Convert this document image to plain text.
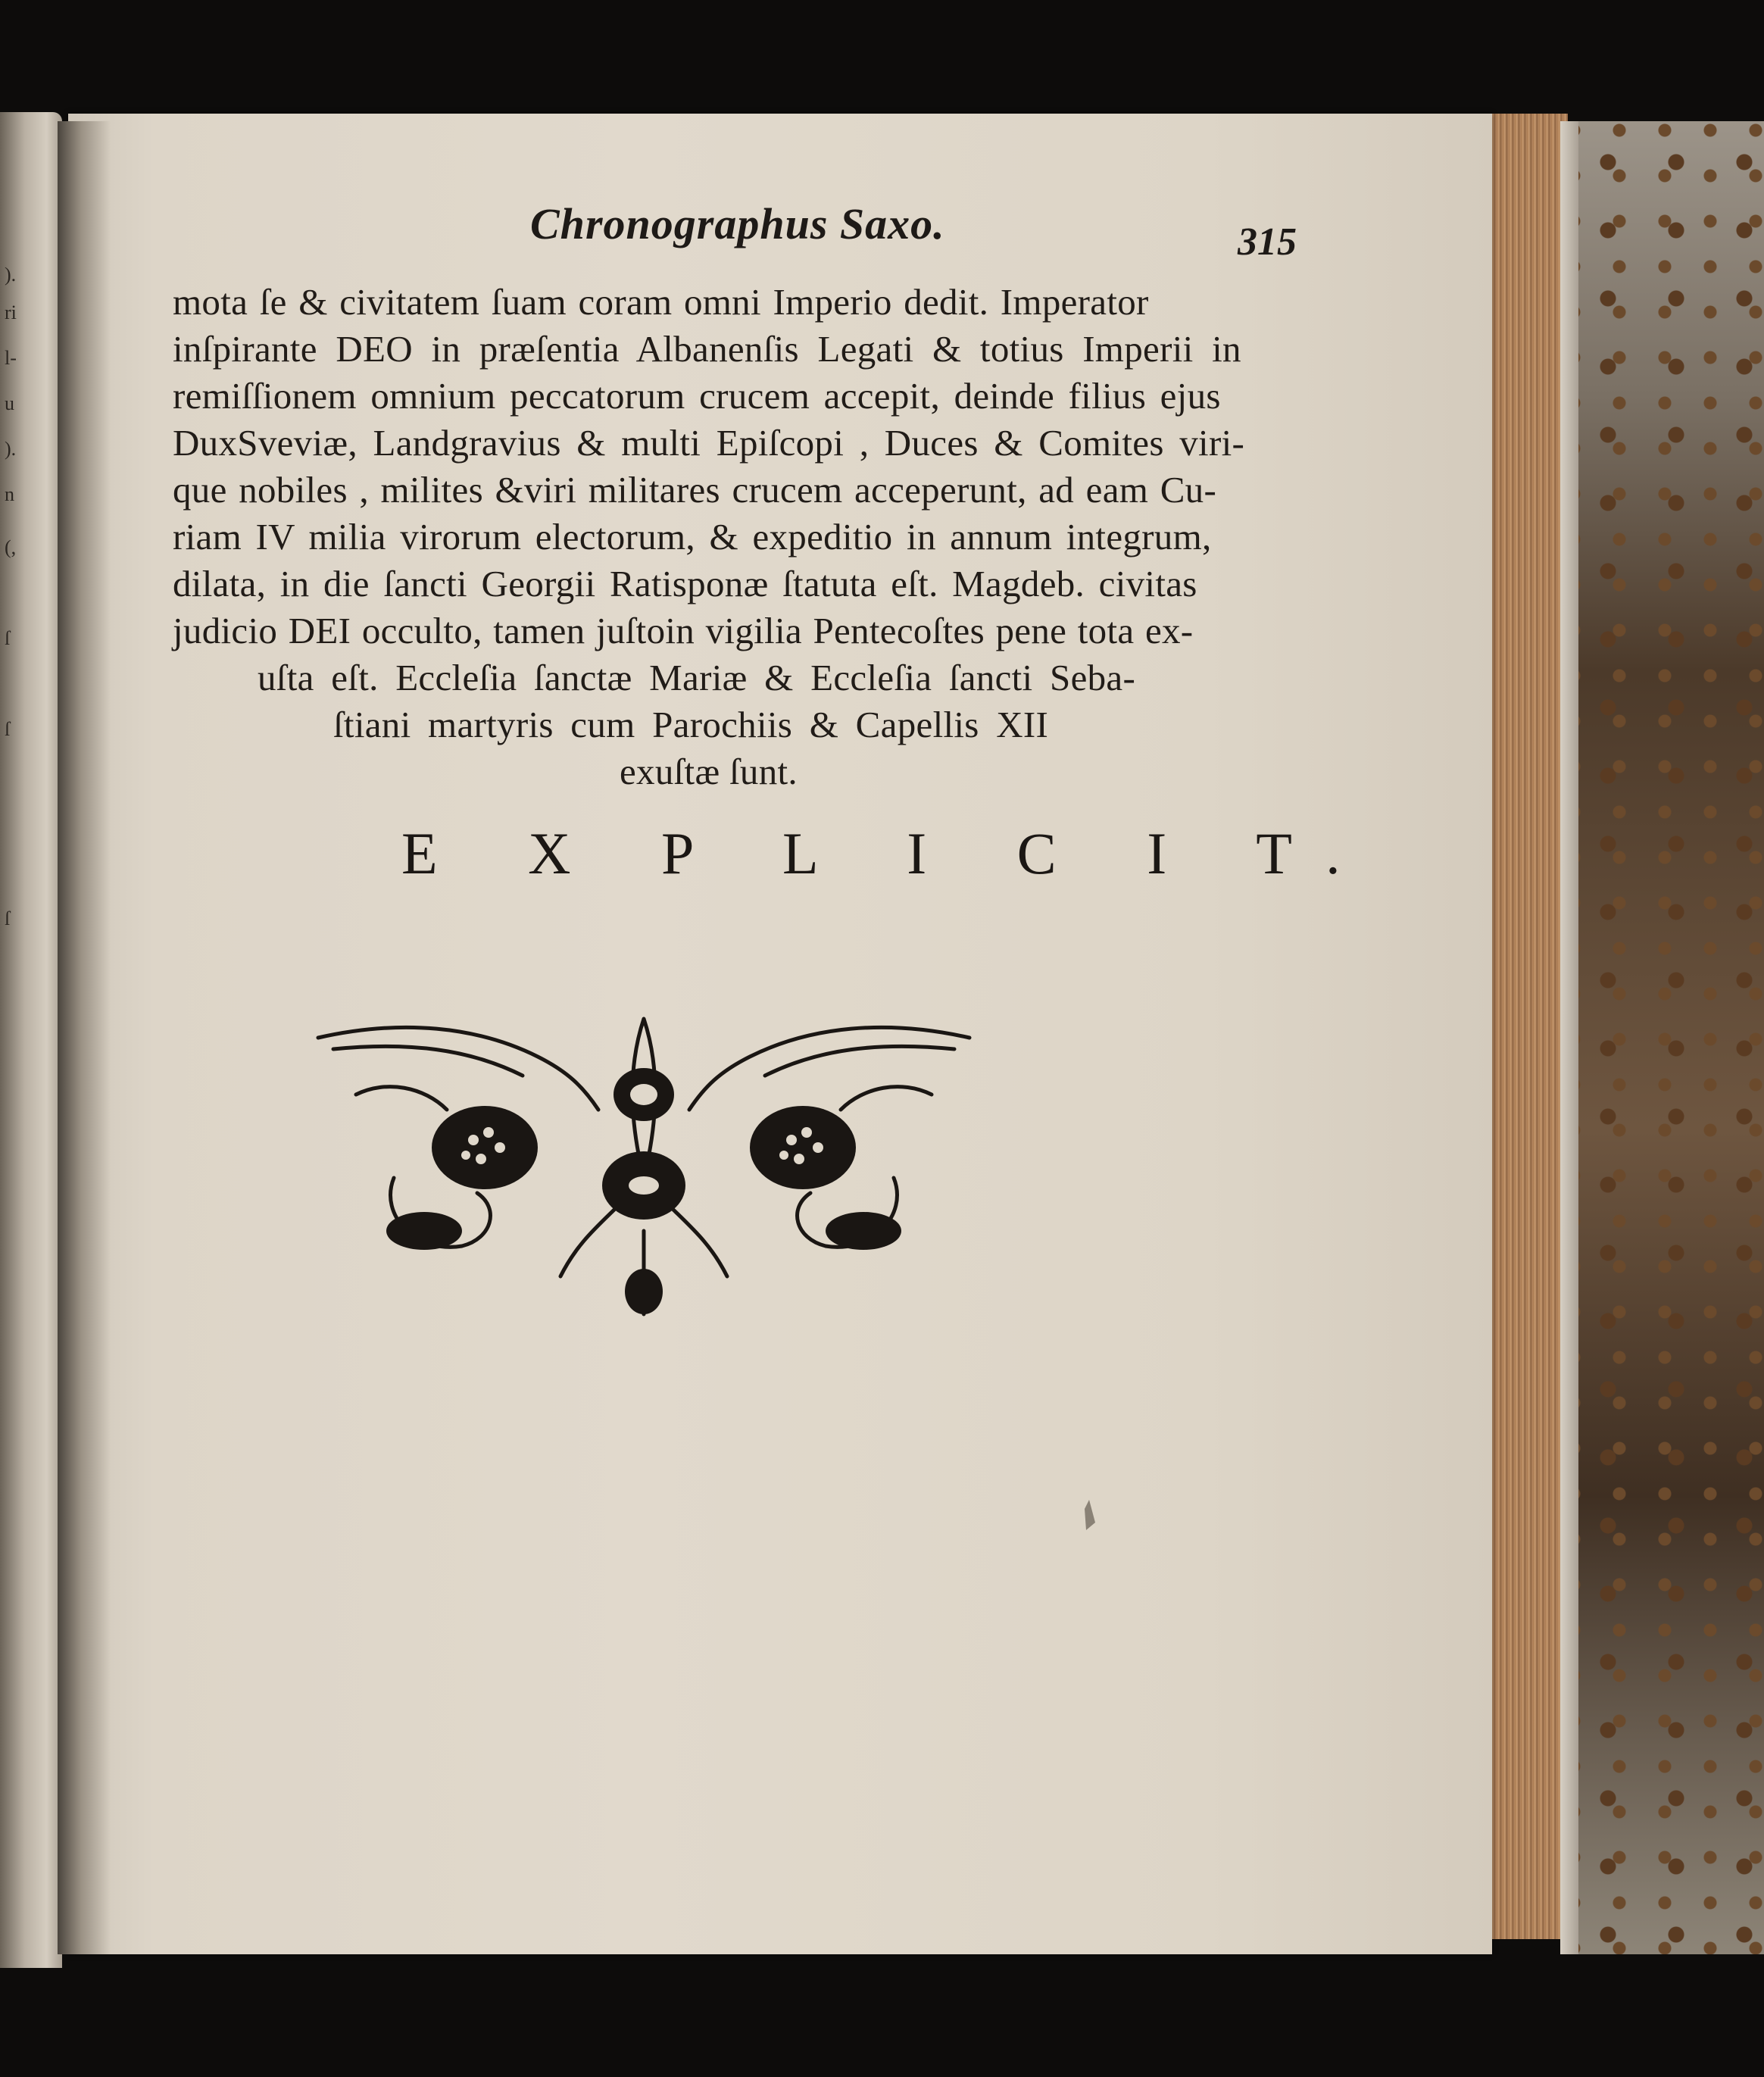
).
ri
l-
u
).
n
(,
ſ
ſ
ſ
Chronographus Saxo.	315
mota ſe & civitatem ſuam coram omni Imperio dedit. Imperator
inſpirante DEO in præſentia Albanenſis Legati & totius Imperii in
remiſſionem omnium peccatorum crucem accepit, deinde filius ejus
DuxSveviæ, Landgravius & multi Epiſcopi , Duces & Comites viri-
que nobiles , milites &viri militares crucem acceperunt, ad eam Cu-
riam IV milia virorum electorum, & expeditio in annum integrum,
dilata, in die ſancti Georgii Ratisponæ ſtatuta eſt. Magdeb. civitas
judicio DEI occulto, tamen juſtoin vigilia Pentecoſtes pene tota ex-
uſta eſt. Eccleſia ſanctæ Mariæ & Eccleſia ſancti Seba-
ſtiani martyris cum Parochiis & Capellis XII
exuſtæ ſunt.
E X P L I C I T.
